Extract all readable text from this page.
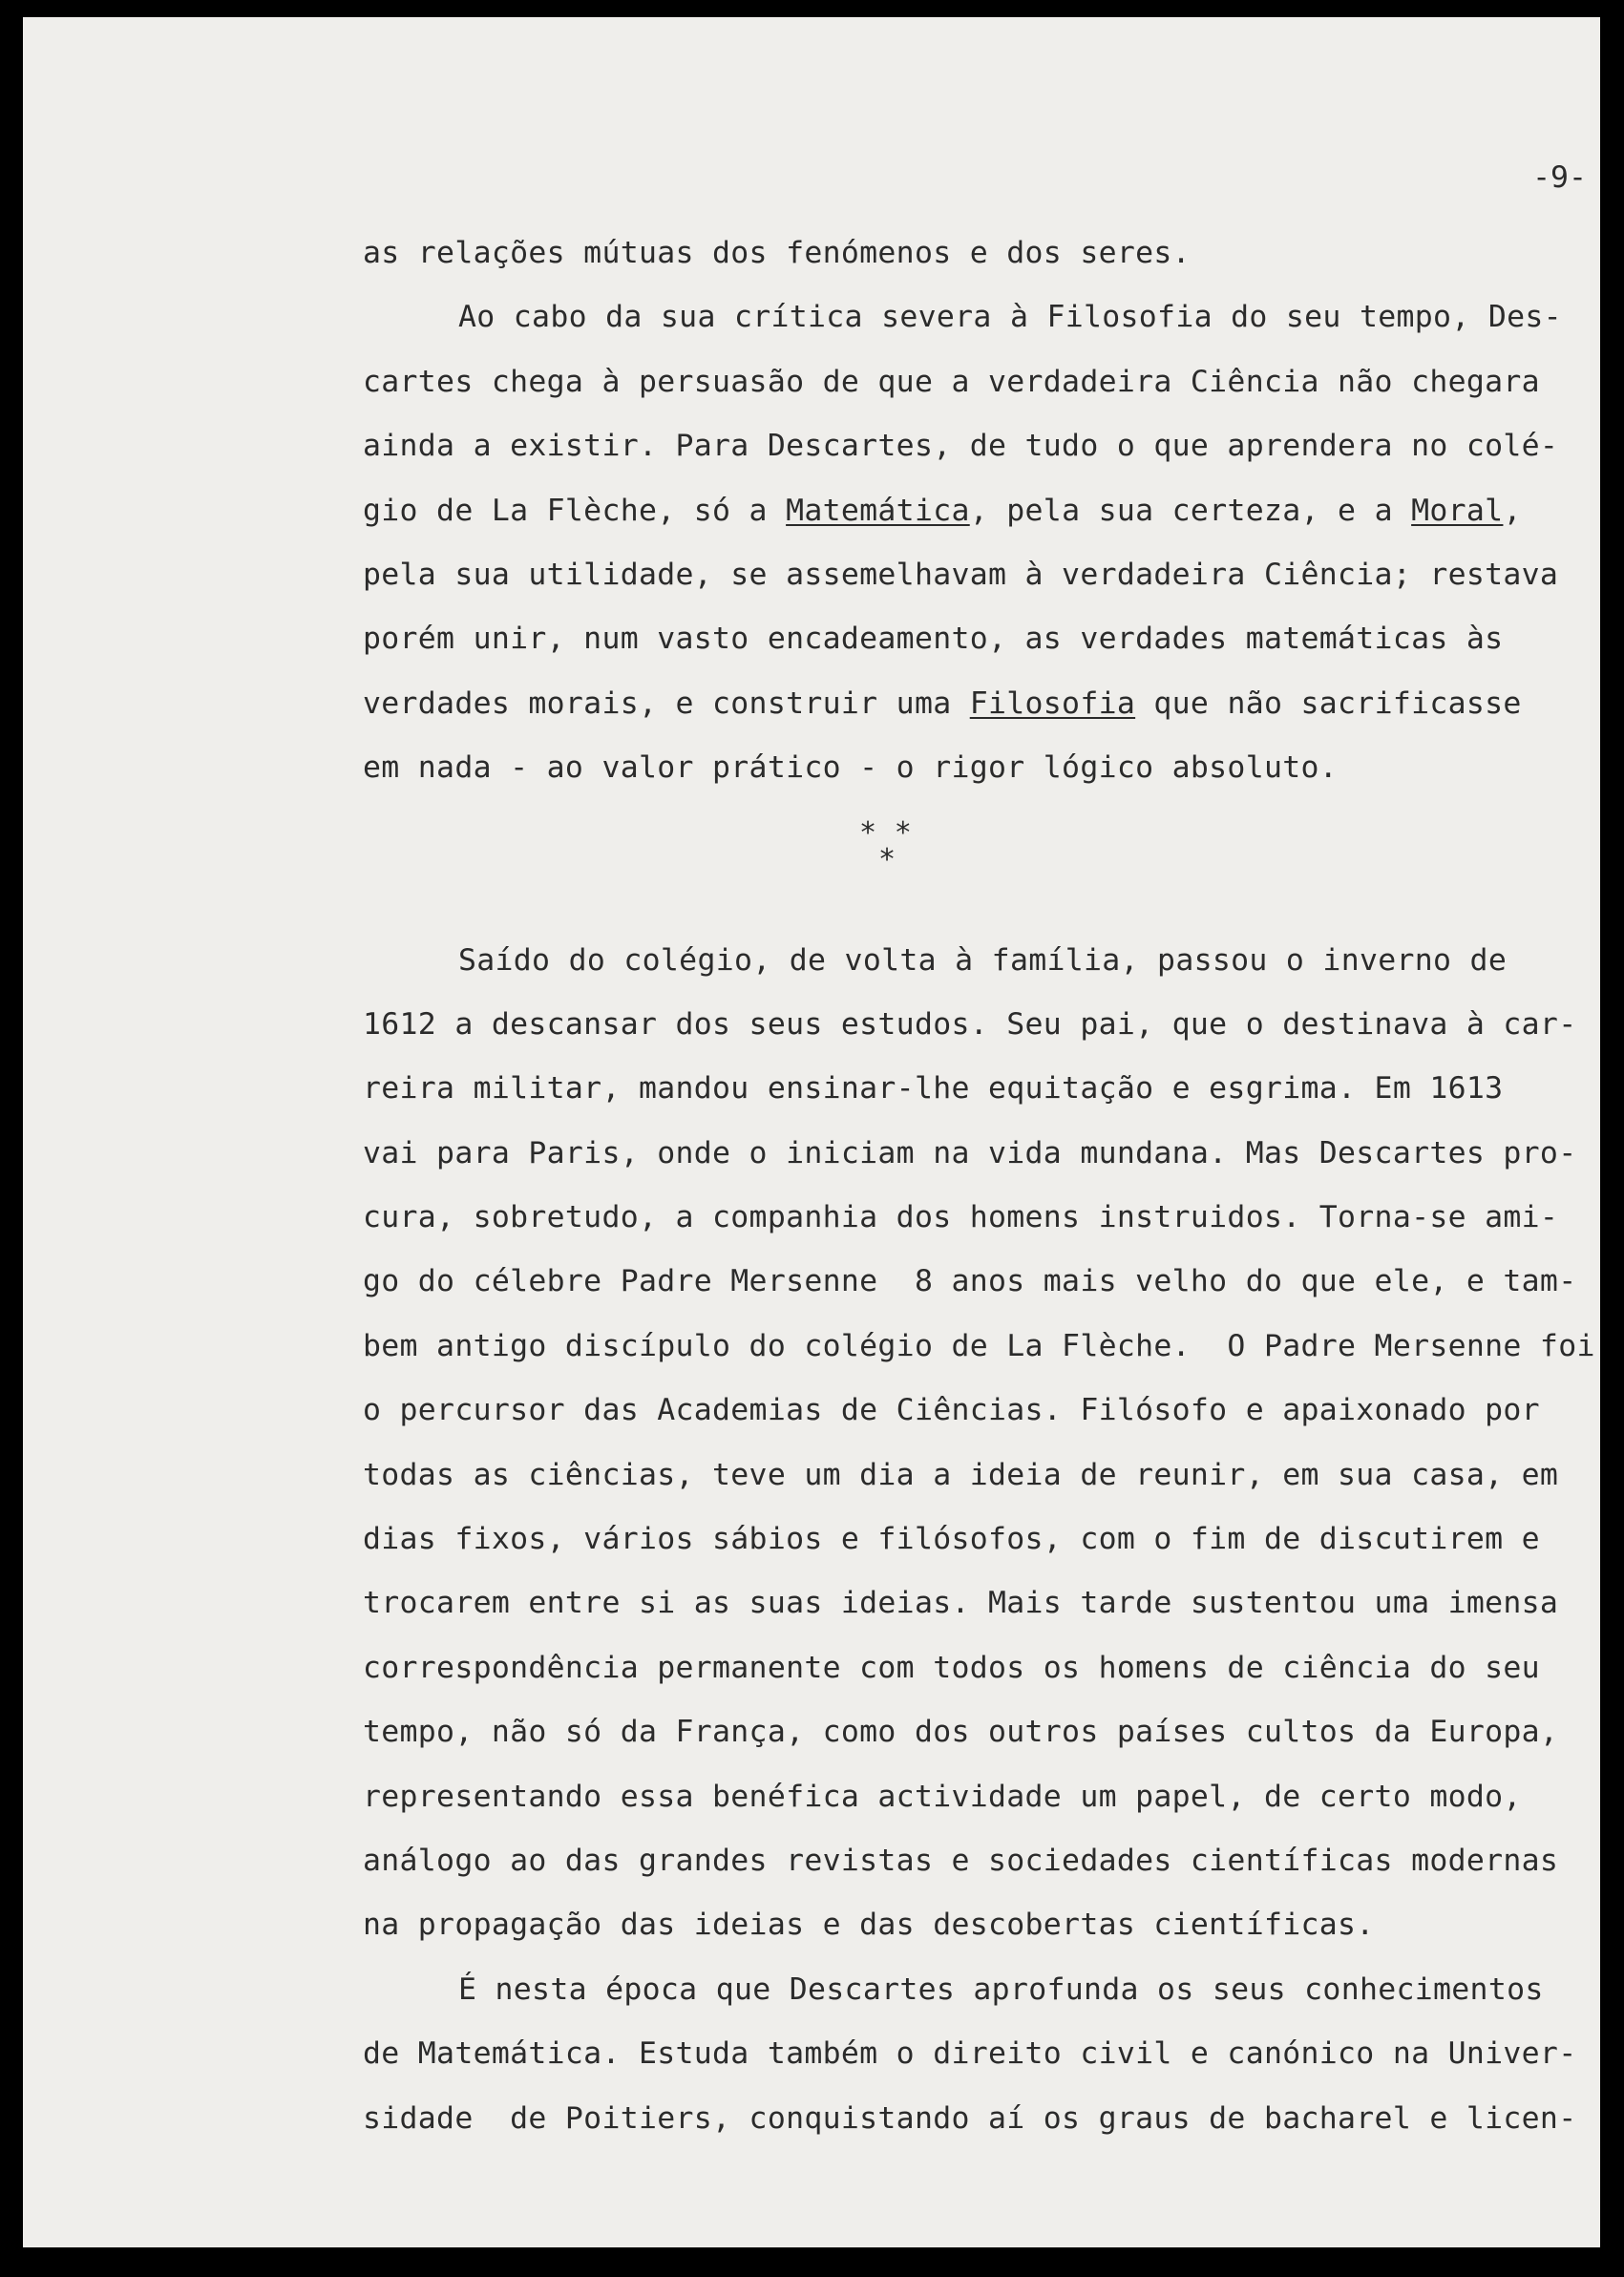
-9-
as relações mútuas dos fenómenos e dos seres.
Ao cabo da sua crítica severa à Filosofia do seu tempo, Des-
cartes chega à persuasão de que a verdadeira Ciência não chegara
ainda a existir. Para Descartes, de tudo o que aprendera no colé-
gio de La Flèche, só a Matemática, pela sua certeza, e a Moral,
pela sua utilidade, se assemelhavam à verdadeira Ciência; restava
porém unir, num vasto encadeamento, as verdades matemáticas às
verdades morais, e construir uma Filosofia que não sacrificasse
em nada - ao valor prático - o rigor lógico absoluto.
* *
*
Saído do colégio, de volta à família, passou o inverno de
1612 a descansar dos seus estudos. Seu pai, que o destinava à car-
reira militar, mandou ensinar-lhe equitação e esgrima. Em 1613
vai para Paris, onde o iniciam na vida mundana. Mas Descartes pro-
cura, sobretudo, a companhia dos homens instruidos. Torna-se ami-
go do célebre Padre Mersenne  8 anos mais velho do que ele, e tam-
bem antigo discípulo do colégio de La Flèche.  O Padre Mersenne foi
o percursor das Academias de Ciências. Filósofo e apaixonado por
todas as ciências, teve um dia a ideia de reunir, em sua casa, em
dias fixos, vários sábios e filósofos, com o fim de discutirem e
trocarem entre si as suas ideias. Mais tarde sustentou uma imensa
correspondência permanente com todos os homens de ciência do seu
tempo, não só da França, como dos outros países cultos da Europa,
representando essa benéfica actividade um papel, de certo modo,
análogo ao das grandes revistas e sociedades científicas modernas
na propagação das ideias e das descobertas científicas.
É nesta época que Descartes aprofunda os seus conhecimentos
de Matemática. Estuda também o direito civil e canónico na Univer-
sidade  de Poitiers, conquistando aí os graus de bacharel e licen-
